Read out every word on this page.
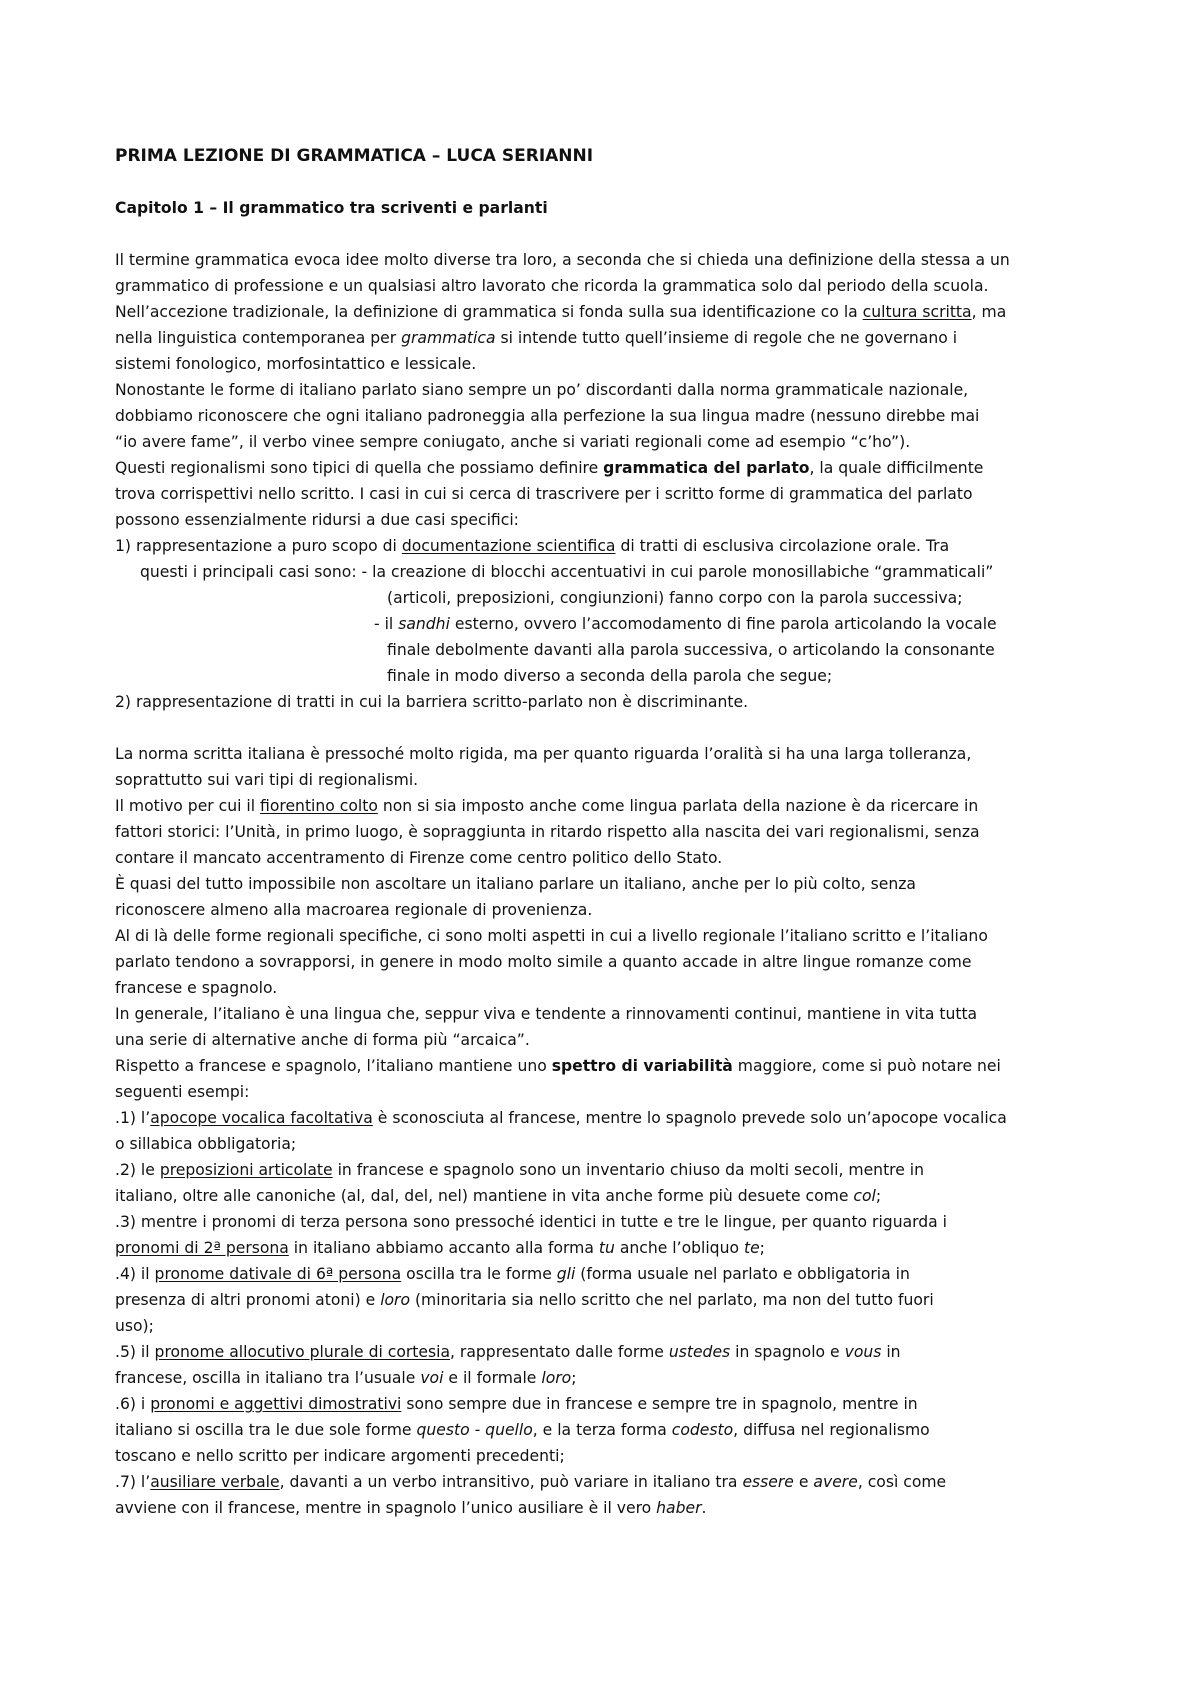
PRIMA LEZIONE DI GRAMMATICA – LUCA SERIANNI
Capitolo 1 – Il grammatico tra scriventi e parlanti
Il termine grammatica evoca idee molto diverse tra loro, a seconda che si chieda una definizione della stessa a un
grammatico di professione e un qualsiasi altro lavorato che ricorda la grammatica solo dal periodo della scuola.
Nell’accezione tradizionale, la definizione di grammatica si fonda sulla sua identificazione co la cultura scritta, ma
nella linguistica contemporanea per grammatica si intende tutto quell’insieme di regole che ne governano i
sistemi fonologico, morfosintattico e lessicale.
Nonostante le forme di italiano parlato siano sempre un po’ discordanti dalla norma grammaticale nazionale,
dobbiamo riconoscere che ogni italiano padroneggia alla perfezione la sua lingua madre (nessuno direbbe mai
“io avere fame”, il verbo vinee sempre coniugato, anche si variati regionali come ad esempio “c’ho”).
Questi regionalismi sono tipici di quella che possiamo definire grammatica del parlato, la quale difficilmente
trova corrispettivi nello scritto. I casi in cui si cerca di trascrivere per i scritto forme di grammatica del parlato
possono essenzialmente ridursi a due casi specifici:
1) rappresentazione a puro scopo di documentazione scientifica di tratti di esclusiva circolazione orale. Tra
questi i principali casi sono: - la creazione di blocchi accentuativi in cui parole monosillabiche “grammaticali”
(articoli, preposizioni, congiunzioni) fanno corpo con la parola successiva;
- il sandhi esterno, ovvero l’accomodamento di fine parola articolando la vocale
finale debolmente davanti alla parola successiva, o articolando la consonante
finale in modo diverso a seconda della parola che segue;
2) rappresentazione di tratti in cui la barriera scritto-parlato non è discriminante.
La norma scritta italiana è pressoché molto rigida, ma per quanto riguarda l’oralità si ha una larga tolleranza,
soprattutto sui vari tipi di regionalismi.
Il motivo per cui il fiorentino colto non si sia imposto anche come lingua parlata della nazione è da ricercare in
fattori storici: l’Unità, in primo luogo, è sopraggiunta in ritardo rispetto alla nascita dei vari regionalismi, senza
contare il mancato accentramento di Firenze come centro politico dello Stato.
È quasi del tutto impossibile non ascoltare un italiano parlare un italiano, anche per lo più colto, senza
riconoscere almeno alla macroarea regionale di provenienza.
Al di là delle forme regionali specifiche, ci sono molti aspetti in cui a livello regionale l’italiano scritto e l’italiano
parlato tendono a sovrapporsi, in genere in modo molto simile a quanto accade in altre lingue romanze come
francese e spagnolo.
In generale, l’italiano è una lingua che, seppur viva e tendente a rinnovamenti continui, mantiene in vita tutta
una serie di alternative anche di forma più “arcaica”.
Rispetto a francese e spagnolo, l’italiano mantiene uno spettro di variabilità maggiore, come si può notare nei
seguenti esempi:
.1) l’apocope vocalica facoltativa è sconosciuta al francese, mentre lo spagnolo prevede solo un’apocope vocalica
o sillabica obbligatoria;
.2) le preposizioni articolate in francese e spagnolo sono un inventario chiuso da molti secoli, mentre in
italiano, oltre alle canoniche (al, dal, del, nel) mantiene in vita anche forme più desuete come col;
.3) mentre i pronomi di terza persona sono pressoché identici in tutte e tre le lingue, per quanto riguarda i
pronomi di 2ª persona in italiano abbiamo accanto alla forma tu anche l’obliquo te;
.4) il pronome dativale di 6ª persona oscilla tra le forme gli (forma usuale nel parlato e obbligatoria in
presenza di altri pronomi atoni) e loro (minoritaria sia nello scritto che nel parlato, ma non del tutto fuori
uso);
.5) il pronome allocutivo plurale di cortesia, rappresentato dalle forme ustedes in spagnolo e vous in
francese, oscilla in italiano tra l’usuale voi e il formale loro;
.6) i pronomi e aggettivi dimostrativi sono sempre due in francese e sempre tre in spagnolo, mentre in
italiano si oscilla tra le due sole forme questo - quello, e la terza forma codesto, diffusa nel regionalismo
toscano e nello scritto per indicare argomenti precedenti;
.7) l’ausiliare verbale, davanti a un verbo intransitivo, può variare in italiano tra essere e avere, così come
avviene con il francese, mentre in spagnolo l’unico ausiliare è il vero haber.
